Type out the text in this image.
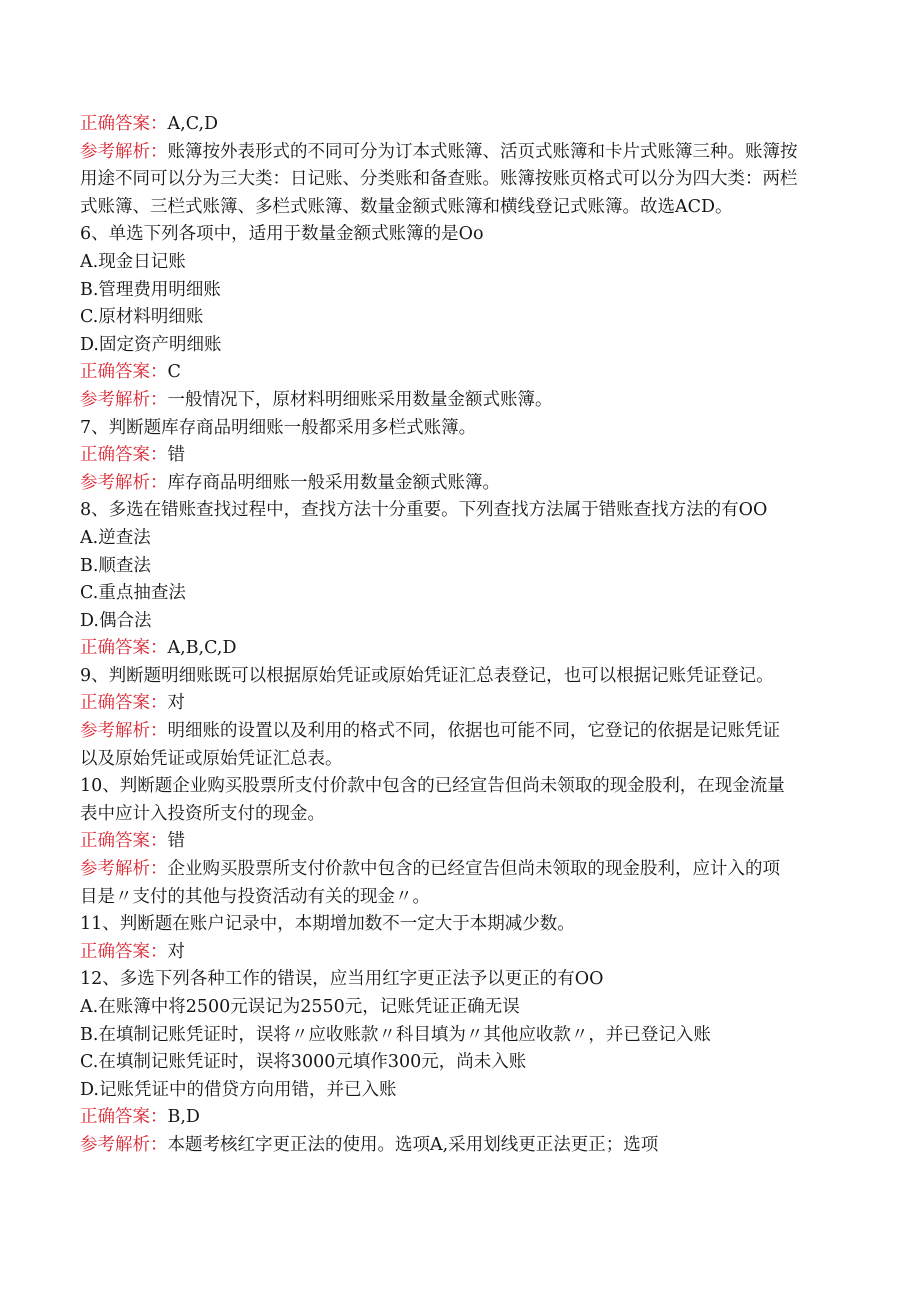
正确答案：A,C,D
参考解析：账簿按外表形式的不同可分为订本式账簿、活页式账簿和卡片式账簿三种。账簿按
用途不同可以分为三大类：日记账、分类账和备查账。账簿按账页格式可以分为四大类：两栏
式账簿、三栏式账簿、多栏式账簿、数量金额式账簿和横线登记式账簿。故选ACD。
6、单选下列各项中，适用于数量金额式账簿的是Oo
A.现金日记账
B.管理费用明细账
C.原材料明细账
D.固定资产明细账
正确答案：C
参考解析：一般情况下，原材料明细账采用数量金额式账簿。
7、判断题库存商品明细账一般都采用多栏式账簿。
正确答案：错
参考解析：库存商品明细账一般采用数量金额式账簿。
8、多选在错账查找过程中，查找方法十分重要。下列查找方法属于错账查找方法的有OO
A.逆查法
B.顺查法
C.重点抽查法
D.偶合法
正确答案：A,B,C,D
9、判断题明细账既可以根据原始凭证或原始凭证汇总表登记，也可以根据记账凭证登记。
正确答案：对
参考解析：明细账的设置以及利用的格式不同，依据也可能不同，它登记的依据是记账凭证
以及原始凭证或原始凭证汇总表。
10、判断题企业购买股票所支付价款中包含的已经宣告但尚未领取的现金股利，在现金流量
表中应计入投资所支付的现金。
正确答案：错
参考解析：企业购买股票所支付价款中包含的已经宣告但尚未领取的现金股利，应计入的项
目是〃支付的其他与投资活动有关的现金〃。
11、判断题在账户记录中，本期增加数不一定大于本期减少数。
正确答案：对
12、多选下列各种工作的错误，应当用红字更正法予以更正的有OO
A.在账簿中将2500元误记为2550元，记账凭证正确无误
B.在填制记账凭证时，误将〃应收账款〃科目填为〃其他应收款〃，并已登记入账
C.在填制记账凭证时，误将3000元填作300元，尚未入账
D.记账凭证中的借贷方向用错，并已入账
正确答案：B,D
参考解析：本题考核红字更正法的使用。选项A,采用划线更正法更正；选项
